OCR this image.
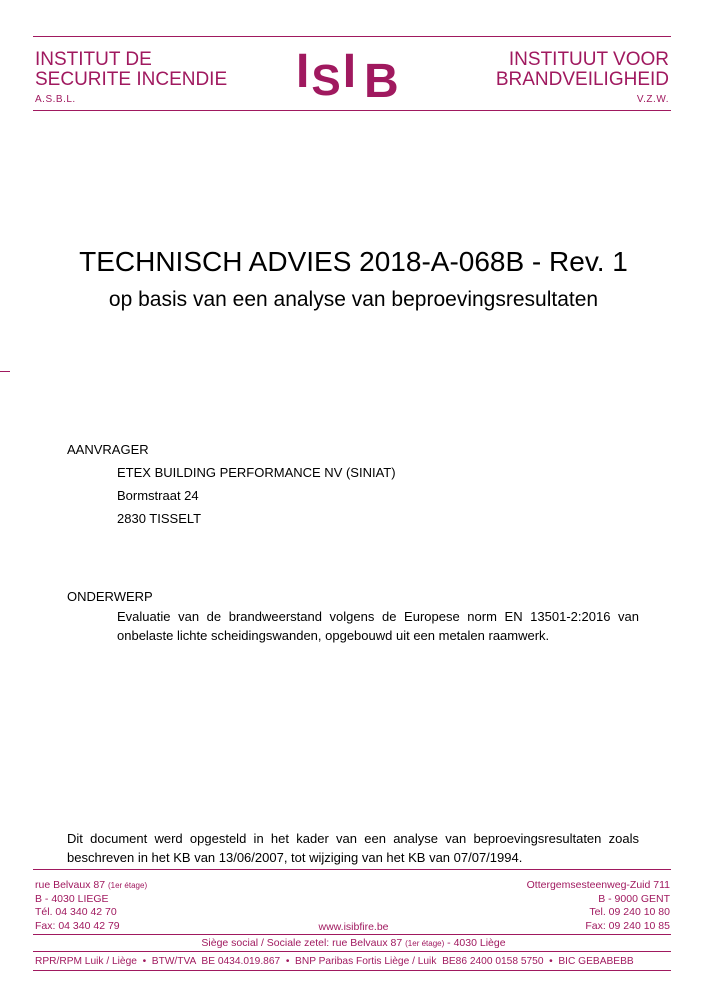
INSTITUT DE
SECURITE INCENDIE
A.S.B.L.
ISI B	INSTITUUT VOOR
BRANDVEILIGHEID
V.Z.W.
TECHNISCH ADVIES 2018-A-068B - Rev. 1
op basis van een analyse van beproevingsresultaten
AANVRAGER
ETEX BUILDING PERFORMANCE NV (SINIAT)
Bormstraat 24
2830 TISSELT
ONDERWERP
Evaluatie van de brandweerstand volgens de Europese norm EN 13501-2:2016 van onbelaste lichte scheidingswanden, opgebouwd uit een metalen raamwerk.
Dit document werd opgesteld in het kader van een analyse van beproevingsresultaten zoals beschreven in het KB van 13/06/2007, tot wijziging van het KB van 07/07/1994.
rue Belvaux 87 (1er étage)
B - 4030 LIEGE
Tél. 04 340 42 70
Fax: 04 340 42 79	www.isibfire.be
Ottergemsesteenweg-Zuid 711
B - 9000 GENT
Tel. 09 240 10 80
Fax: 09 240 10 85
Siège social / Sociale zetel: rue Belvaux 87 (1er étage) - 4030 Liège
RPR/RPM Luik / Liège  •  BTW/TVA  BE 0434.019.867  •  BNP Paribas Fortis Liège / Luik  BE86 2400 0158 5750  •  BIC GEBABEBB
